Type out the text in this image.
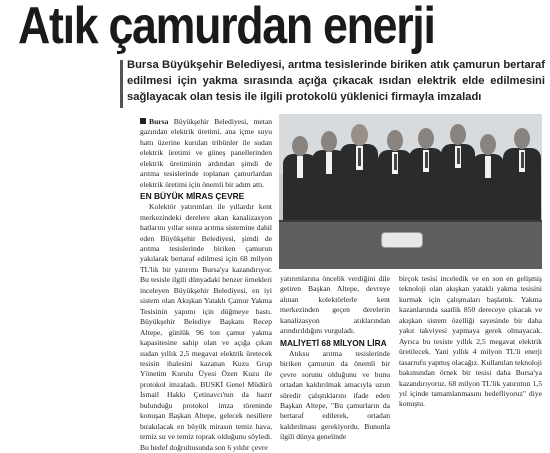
Atık çamurdan enerji
Bursa Büyükşehir Belediyesi, arıtma tesislerinde biriken atık çamurun bertaraf edilmesi için yakma sırasında açığa çıkacak ısıdan elektrik elde edilmesini sağlayacak olan tesis ile ilgili protokolü yüklenici firmayla imzaladı

Bursa Büyükşehir Belediyesi, metan gazından elektrik üretimi, ana içme suyu hattı üzerine kurulan tribünler ile sudan elektrik üretimi ve güneş panellerinden elektrik üretiminin ardından şimdi de arıtma tesislerinde toplanan çamurlardan elektrik üretimi için önemli bir adım attı.

EN BÜYÜK MİRAS ÇEVRE

Kolektör yatırımları ile yıllardır kent merkezindeki derelere akan kanalizasyon hatlarını yıllar sonra arıtma sistemine dahil eden Büyükşehir Belediyesi, şimdi de arıtma tesislerinde biriken çamurun yakılarak bertaraf edilmesi için 68 milyon TL'lik bir yatırımı Bursa'ya kazandırıyor. Bu tesisle ilgili dünyadaki benzer örnekleri inceleyen Büyükşehir Belediyesi, en iyi sistem olan Akışkan Yataklı Çamur Yakma Tesisinin yapımı için düğmeye bastı. Büyükşehir Belediye Başkanı Recep Altepe, günlük 96 ton çamur yakma kapasitesine sahip olan ve açığa çıkan ısıdan yıllık 2,5 megavat elektrik üretecek tesisin ihalesini kazanan Kuzu Grup Yönetim Kurulu Üyesi Özen Kuzu ile protokol imzaladı. BUSKİ Genel Müdürü İsmail Hakkı Çetinavcı'nın da hazır bulunduğu protokol imza töreninde konuşan Başkan Altepe, gelecek nesillere bırakılacak en büyük mirasın temiz hava, temiz su ve temiz toprak olduğunu söyledi. Bu hedef doğrultusunda son 6 yıldır çevre

yatırımlarına öncelik verdiğini dile getiren Başkan Altepe, devreye alınan kolektörlerle kent merkezinden geçen derelerin kanalizasyon atıklarından arındırıldığını vurguladı.

MALİYETİ 68 MİLYON LİRA

Atıksu arıtma tesislerinde biriken çamurun da önemli bir çevre sorunu olduğunu ve bunu ortadan kaldırılmak amacıyla uzun süredir çalıştıklarını ifade eden Başkan Altepe, "Bu çamurların da bertaraf edilerek, ortadan kaldırılması gerekiyordu. Bununla ilgili dünya genelinde

birçok tesisi inceledik ve en son en gelişmiş teknoloji olan akışkan yataklı yakma tesisini kurmak için çalışmaları başlattık. Yakma kazanlarında saatlik 850 dereceye çıkacak ve akışkan sistem özelliği sayesinde bir daha yakıt takviyesi yapmaya gerek olmayacak. Ayrıca bu tesiste yıllık 2,5 megavat elektrik üretilecek. Yani yıllık 4 milyon TL'li enerji tasarrufu yapmış olacağız. Kullanılan teknoloji bakımından örnek bir tesisi daha Bursa'ya kazandırıyoruz. 68 milyon TL'lik yatırımın 1,5 yıl içinde tamamlanmasını hedefliyoruz" diye konuştu.
